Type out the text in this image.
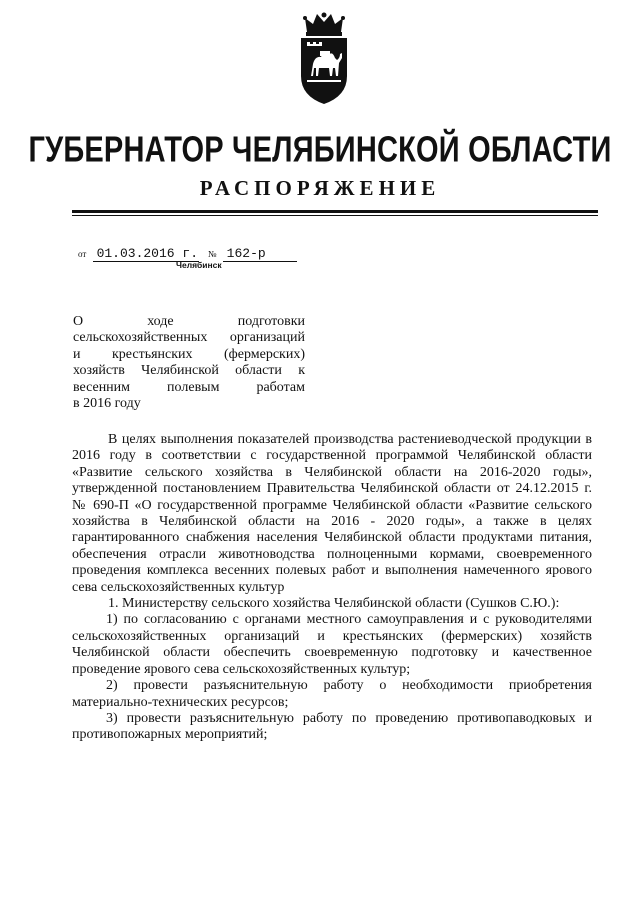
ГУБЕРНАТОР ЧЕЛЯБИНСКОЙ ОБЛАСТИ
РАСПОРЯЖЕНИЕ
от 01.03.2016 г. № 162-р
Челябинск
О ходе подготовки
сельскохозяйственных организаций
и крестьянских (фермерских)
хозяйств Челябинской области к
весенним полевым работам
в 2016 году

В целях выполнения показателей производства растениеводческой продукции в 2016 году в соответствии с государственной программой Челябинской области «Развитие сельского хозяйства в Челябинской области на 2016-2020 годы», утвержденной постановлением Правительства Челябинской области от 24.12.2015 г. № 690-П «О государственной программе Челябинской области «Развитие сельского хозяйства в Челябинской области на 2016 - 2020 годы», а также в целях гарантированного снабжения населения Челябинской области продуктами питания, обеспечения отрасли животноводства полноценными кормами, своевременного проведения комплекса весенних полевых работ и выполнения намеченного ярового сева сельскохозяйственных культур

1. Министерству сельского хозяйства Челябинской области (Сушков С.Ю.):

1) по согласованию с органами местного самоуправления и с руководителями сельскохозяйственных организаций и крестьянских (фермерских) хозяйств Челябинской области обеспечить своевременную подготовку и качественное проведение ярового сева сельскохозяйственных культур;

2) провести разъяснительную работу о необходимости приобретения материально-технических ресурсов;

3) провести разъяснительную работу по проведению противопаводковых и противопожарных мероприятий;
